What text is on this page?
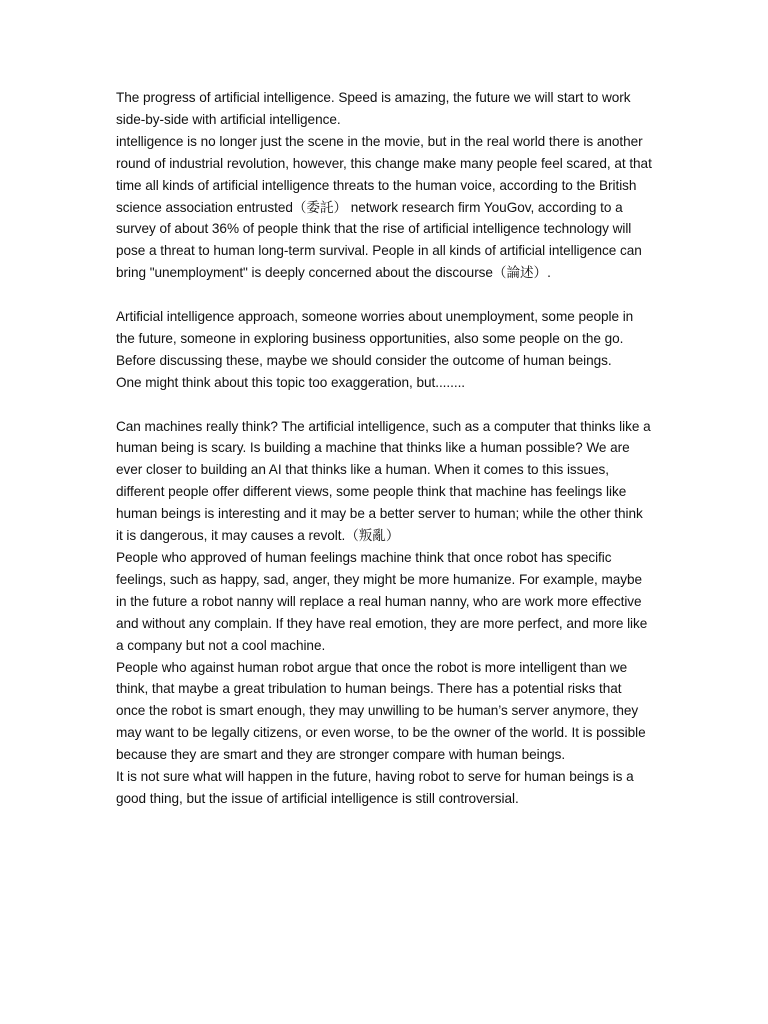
The progress of artificial intelligence. Speed is amazing, the future we will start to work side-by-side with artificial intelligence.

intelligence is no longer just the scene in the movie, but in the real world there is another round of industrial revolution, however, this change make many people feel scared, at that time all kinds of artificial intelligence threats to the human voice, according to the British science association entrusted（委託） network research firm YouGov, according to a survey of about 36% of people think that the rise of artificial intelligence technology will pose a threat to human long-term survival. People in all kinds of artificial intelligence can bring "unemployment" is deeply concerned about the discourse（論述）.

Artificial intelligence approach, someone worries about unemployment, some people in the future, someone in exploring business opportunities, also some people on the go. Before discussing these, maybe we should consider the outcome of human beings.

One might think about this topic too exaggeration, but........

Can machines really think? The artificial intelligence, such as a computer that thinks like a human being is scary. Is building a machine that thinks like a human possible? We are ever closer to building an AI that thinks like a human. When it comes to this issues, different people offer different views, some people think that machine has feelings like human beings is interesting and it may be a better server to human; while the other think it is dangerous, it may causes a revolt.（叛亂）

People who approved of human feelings machine think that once robot has specific feelings, such as happy, sad, anger, they might be more humanize. For example, maybe in the future a robot nanny will replace a real human nanny, who are work more effective and without any complain. If they have real emotion, they are more perfect, and more like a company but not a cool machine.

People who against human robot argue that once the robot is more intelligent than we think, that maybe a great tribulation to human beings. There has a potential risks that once the robot is smart enough, they may unwilling to be human’s server anymore, they may want to be legally citizens, or even worse, to be the owner of the world. It is possible because they are smart and they are stronger compare with human beings.

It is not sure what will happen in the future, having robot to serve for human beings is a good thing, but the issue of artificial intelligence is still controversial.
